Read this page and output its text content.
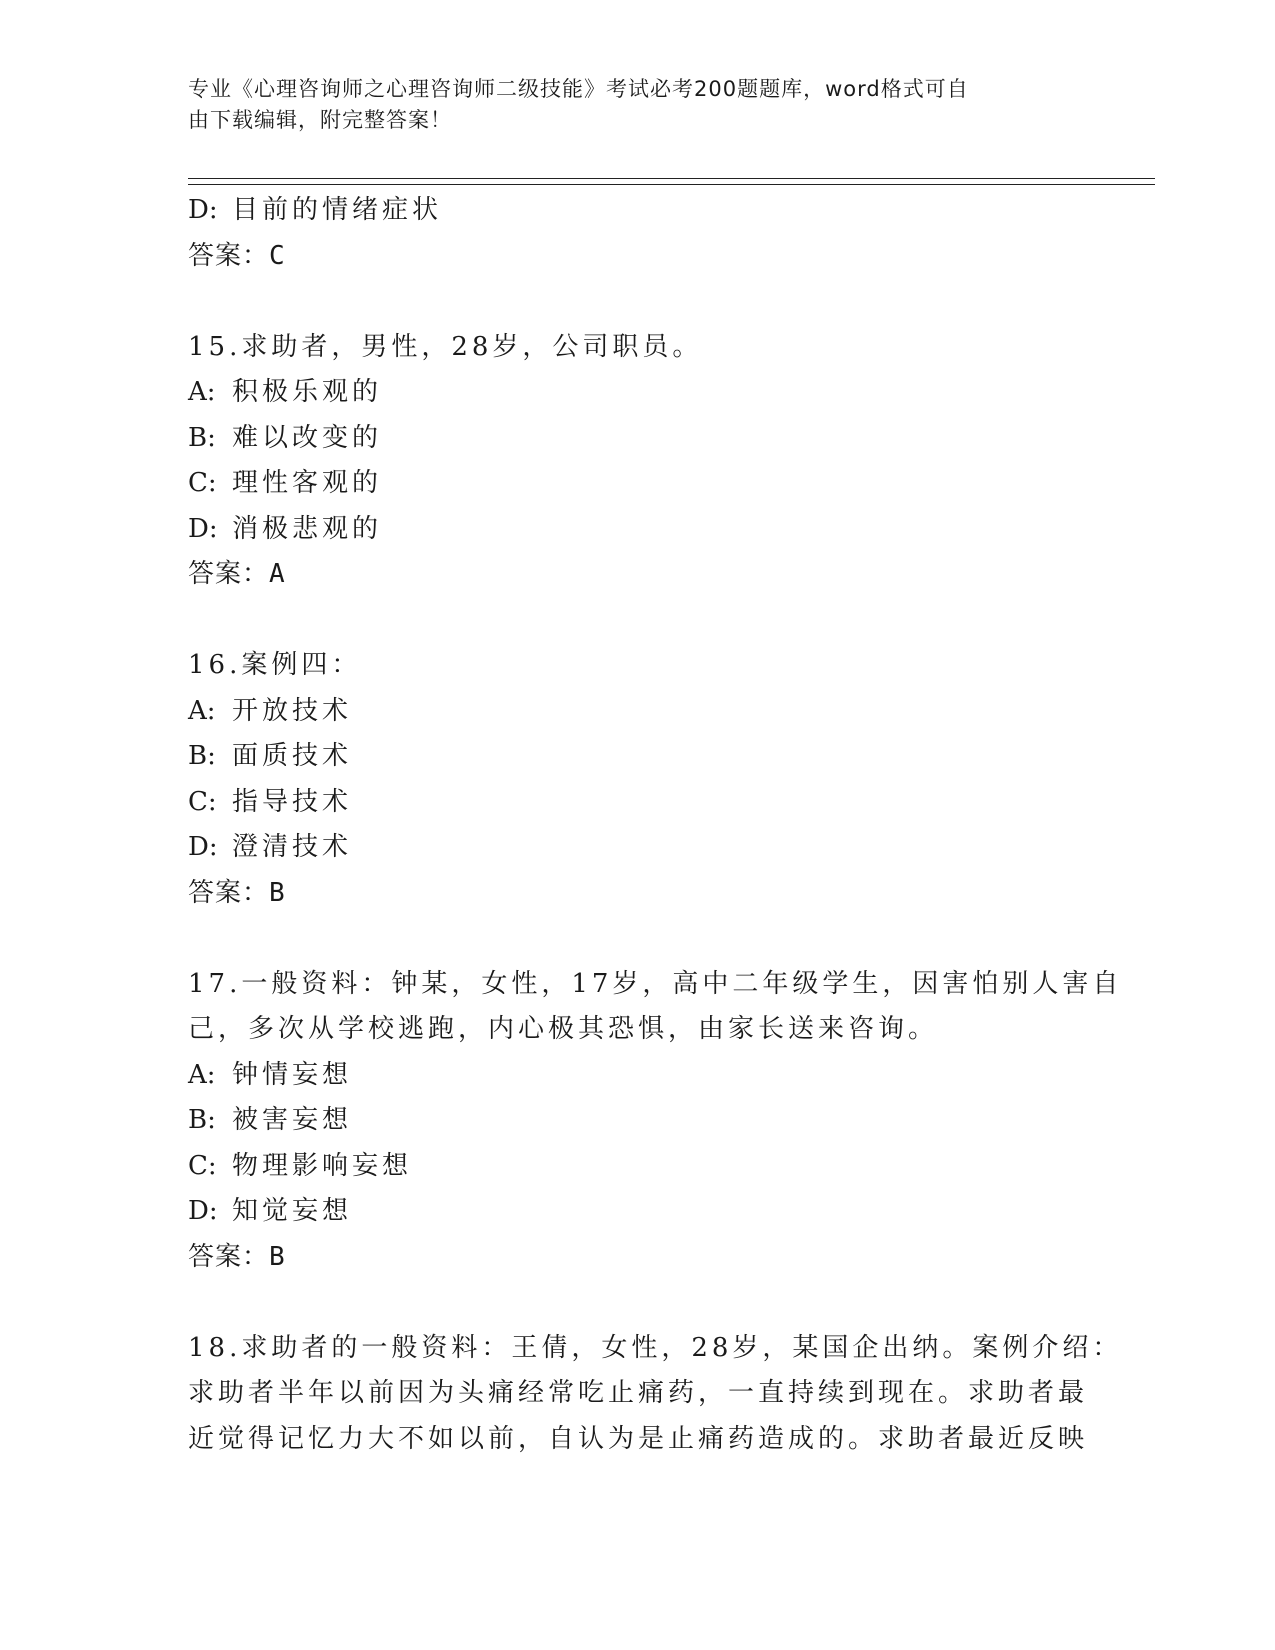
专业《心理咨询师之心理咨询师二级技能》考试必考200题题库，word格式可自
由下载编辑，附完整答案！
D: 目前的情绪症状
答案：C
15.求助者，男性，28岁，公司职员。
A: 积极乐观的
B: 难以改变的
C: 理性客观的
D: 消极悲观的
答案：A
16.案例四：
A: 开放技术
B: 面质技术
C: 指导技术
D: 澄清技术
答案：B
17.一般资料：钟某，女性，17岁，高中二年级学生，因害怕别人害自
己，多次从学校逃跑，内心极其恐惧，由家长送来咨询。
A: 钟情妄想
B: 被害妄想
C: 物理影响妄想
D: 知觉妄想
答案：B
18.求助者的一般资料：王倩，女性，28岁，某国企出纳。案例介绍：
求助者半年以前因为头痛经常吃止痛药，一直持续到现在。求助者最
近觉得记忆力大不如以前，自认为是止痛药造成的。求助者最近反映
